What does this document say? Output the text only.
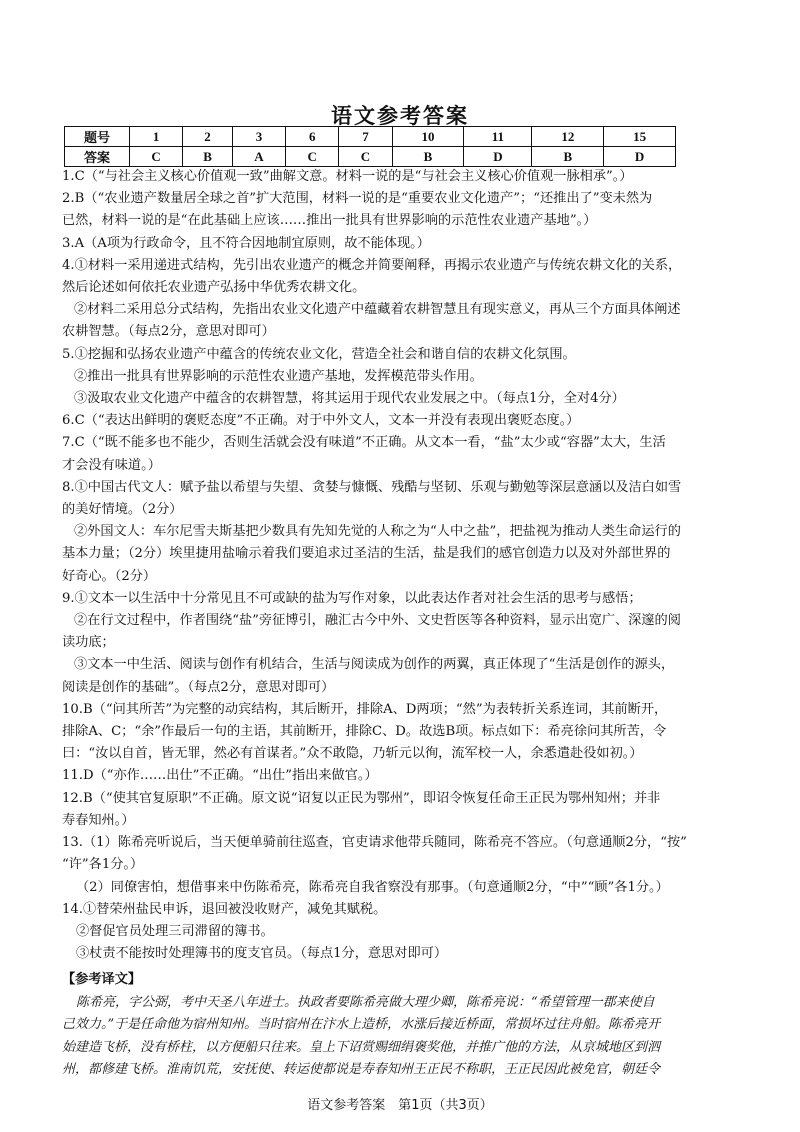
语文参考答案
题号	1	2	3	6	7	10	11	12	15
答案	C	B	A	C	C	B	D	B	D

1.C（“与社会主义核心价值观一致”曲解文意。材料一说的是“与社会主义核心价值观一脉相承”。）

2.B（“农业遗产数量居全球之首”扩大范围，材料一说的是“重要农业文化遗产”；“还推出了”变未然为

已然，材料一说的是“在此基础上应该……推出一批具有世界影响的示范性农业遗产基地”。）

3.A（A项为行政命令，且不符合因地制宜原则，故不能体现。）

4.①材料一采用递进式结构，先引出农业遗产的概念并简要阐释，再揭示农业遗产与传统农耕文化的关系，

然后论述如何依托农业遗产弘扬中华优秀农耕文化。

②材料二采用总分式结构，先指出农业文化遗产中蕴藏着农耕智慧且有现实意义，再从三个方面具体阐述

农耕智慧。（每点2分，意思对即可）

5.①挖掘和弘扬农业遗产中蕴含的传统农业文化，营造全社会和谐自信的农耕文化氛围。

②推出一批具有世界影响的示范性农业遗产基地，发挥模范带头作用。

③汲取农业文化遗产中蕴含的农耕智慧，将其运用于现代农业发展之中。（每点1分，全对4分）

6.C（“表达出鲜明的褒贬态度”不正确。对于中外文人，文本一并没有表现出褒贬态度。）

7.C（“既不能多也不能少，否则生活就会没有味道”不正确。从文本一看，“盐”太少或“容器”太大，生活

才会没有味道。）

8.①中国古代文人：赋予盐以希望与失望、贪婪与慷慨、残酷与坚韧、乐观与勤勉等深层意涵以及洁白如雪

的美好情境。（2分）

②外国文人：车尔尼雪夫斯基把少数具有先知先觉的人称之为“人中之盐”，把盐视为推动人类生命运行的

基本力量；（2分）埃里捷用盐喻示着我们要追求过圣洁的生活，盐是我们的感官创造力以及对外部世界的

好奇心。（2分）

9.①文本一以生活中十分常见且不可或缺的盐为写作对象，以此表达作者对社会生活的思考与感悟；

②在行文过程中，作者围绕“盐”旁征博引，融汇古今中外、文史哲医等各种资料，显示出宽广、深邃的阅

读功底；

③文本一中生活、阅读与创作有机结合，生活与阅读成为创作的两翼，真正体现了“生活是创作的源头，

阅读是创作的基础”。（每点2分，意思对即可）

10.B（“问其所苦”为完整的动宾结构，其后断开，排除A、D两项；“然”为表转折关系连词，其前断开，

排除A、C；“余”作最后一句的主语，其前断开，排除C、D。故选B项。标点如下：希亮徐问其所苦，令

曰：“汝以自首，皆无罪，然必有首谋者。”众不敢隐，乃斩元以徇，流军校一人，余悉遣赴役如初。）

11.D（“亦作……出仕”不正确。“出仕”指出来做官。）

12.B（“使其官复原职”不正确。原文说“诏复以正民为鄂州”，即诏令恢复任命王正民为鄂州知州；并非

寿春知州。）

13.（1）陈希亮听说后，当天便单骑前往巡查，官吏请求他带兵随同，陈希亮不答应。（句意通顺2分，“按”

“许”各1分。）

（2）同僚害怕，想借事来中伤陈希亮，陈希亮自我省察没有那事。（句意通顺2分，“中”“顾”各1分。）

14.①替荣州盐民申诉，退回被没收财产，减免其赋税。

②督促官员处理三司滞留的簿书。

③杖责不能按时处理簿书的度支官员。（每点1分，意思对即可）

【参考译文】

陈希亮，字公弼，考中天圣八年进士。执政者要陈希亮做大理少卿，陈希亮说：“希望管理一郡来使自

己效力。”于是任命他为宿州知州。当时宿州在汴水上造桥，水涨后接近桥面，常损坏过往舟船。陈希亮开

始建造飞桥，没有桥柱，以方便船只往来。皇上下诏赏赐细绢褒奖他，并推广他的方法，从京城地区到泗

州，都修建飞桥。淮南饥荒，安抚使、转运使都说是寿春知州王正民不称职，王正民因此被免官，朝廷令

语文参考答案　第1页（共3页）
